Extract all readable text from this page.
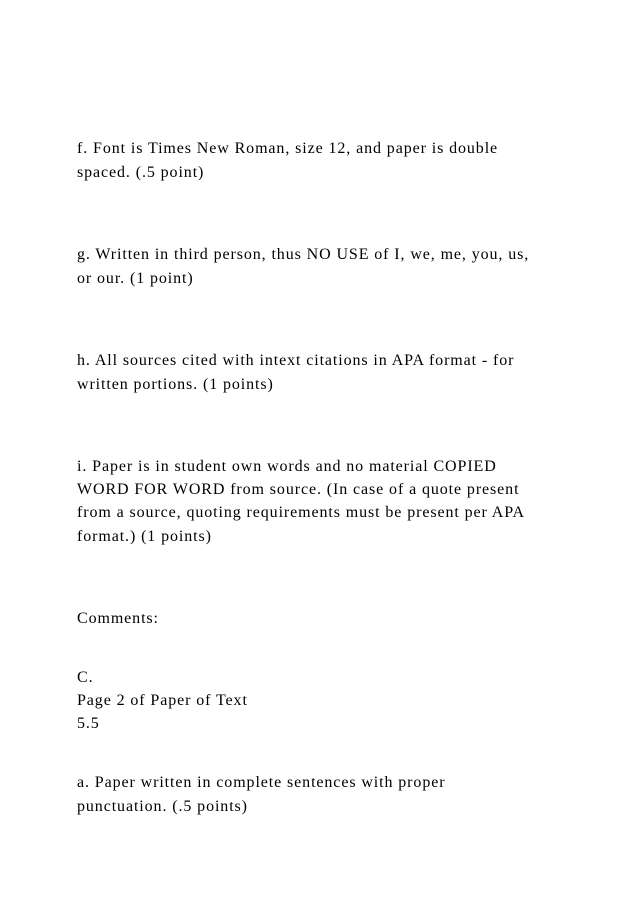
f. Font is Times New Roman, size 12, and paper is double
spaced. (.5 point)
g. Written in third person, thus NO USE of I, we, me, you, us,
or our. (1 point)
h. All sources cited with intext citations in APA format - for
written portions. (1 points)
i. Paper is in student own words and no material COPIED
WORD FOR WORD from source. (In case of a quote present
from a source, quoting requirements must be present per APA
format.) (1 points)
Comments:
C.
Page 2 of Paper of Text
5.5
a. Paper written in complete sentences with proper
punctuation. (.5 points)
